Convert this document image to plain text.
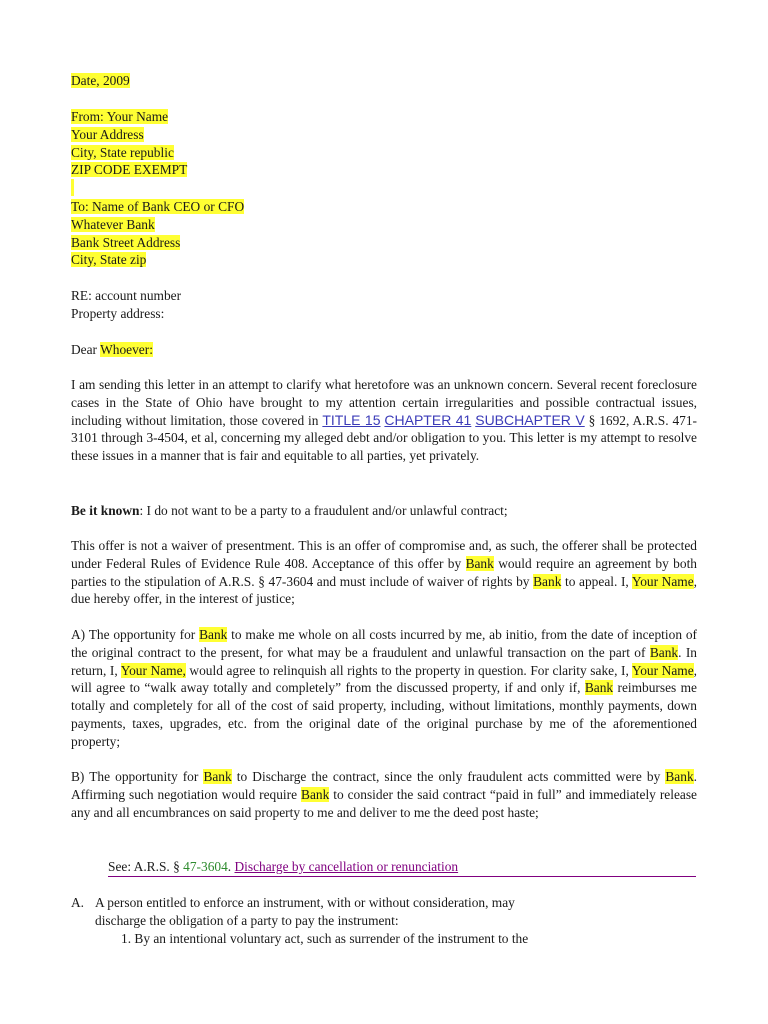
Date, 2009
From: Your Name
Your Address
City, State republic
ZIP CODE EXEMPT

To: Name of Bank CEO or CFO
Whatever Bank
Bank Street Address
City, State zip
RE: account number
Property address:
Dear Whoever:

I am sending this letter in an attempt to clarify what heretofore was an unknown concern. Several recent foreclosure cases in the State of Ohio have brought to my attention certain irregularities and possible contractual issues, including without limitation, those covered in TITLE 15 CHAPTER 41 SUBCHAPTER V § 1692, A.R.S. 471-3101 through 3-4504, et al, concerning my alleged debt and/or obligation to you. This letter is my attempt to resolve these issues in a manner that is fair and equitable to all parties, yet privately.

Be it known: I do not want to be a party to a fraudulent and/or unlawful contract;

This offer is not a waiver of presentment. This is an offer of compromise and, as such, the offerer shall be protected under Federal Rules of Evidence Rule 408. Acceptance of this offer by Bank would require an agreement by both parties to the stipulation of A.R.S. § 47-3604 and must include of waiver of rights by Bank to appeal. I, Your Name, due hereby offer, in the interest of justice;

A) The opportunity for Bank to make me whole on all costs incurred by me, ab initio, from the date of inception of the original contract to the present, for what may be a fraudulent and unlawful transaction on the part of Bank. In return, I, Your Name, would agree to relinquish all rights to the property in question. For clarity sake, I, Your Name, will agree to “walk away totally and completely” from the discussed property, if and only if, Bank reimburses me totally and completely for all of the cost of said property, including, without limitations, monthly payments, down payments, taxes, upgrades, etc. from the original date of the original purchase by me of the aforementioned property;

B) The opportunity for Bank to Discharge the contract, since the only fraudulent acts committed were by Bank. Affirming such negotiation would require Bank to consider the said contract “paid in full” and immediately release any and all encumbrances on said property to me and deliver to me the deed post haste;

See: A.R.S. § 47-3604. Discharge by cancellation or renunciation
A. A person entitled to enforce an instrument, with or without consideration, may
discharge the obligation of a party to pay the instrument:
1. By an intentional voluntary act, such as surrender of the instrument to the
